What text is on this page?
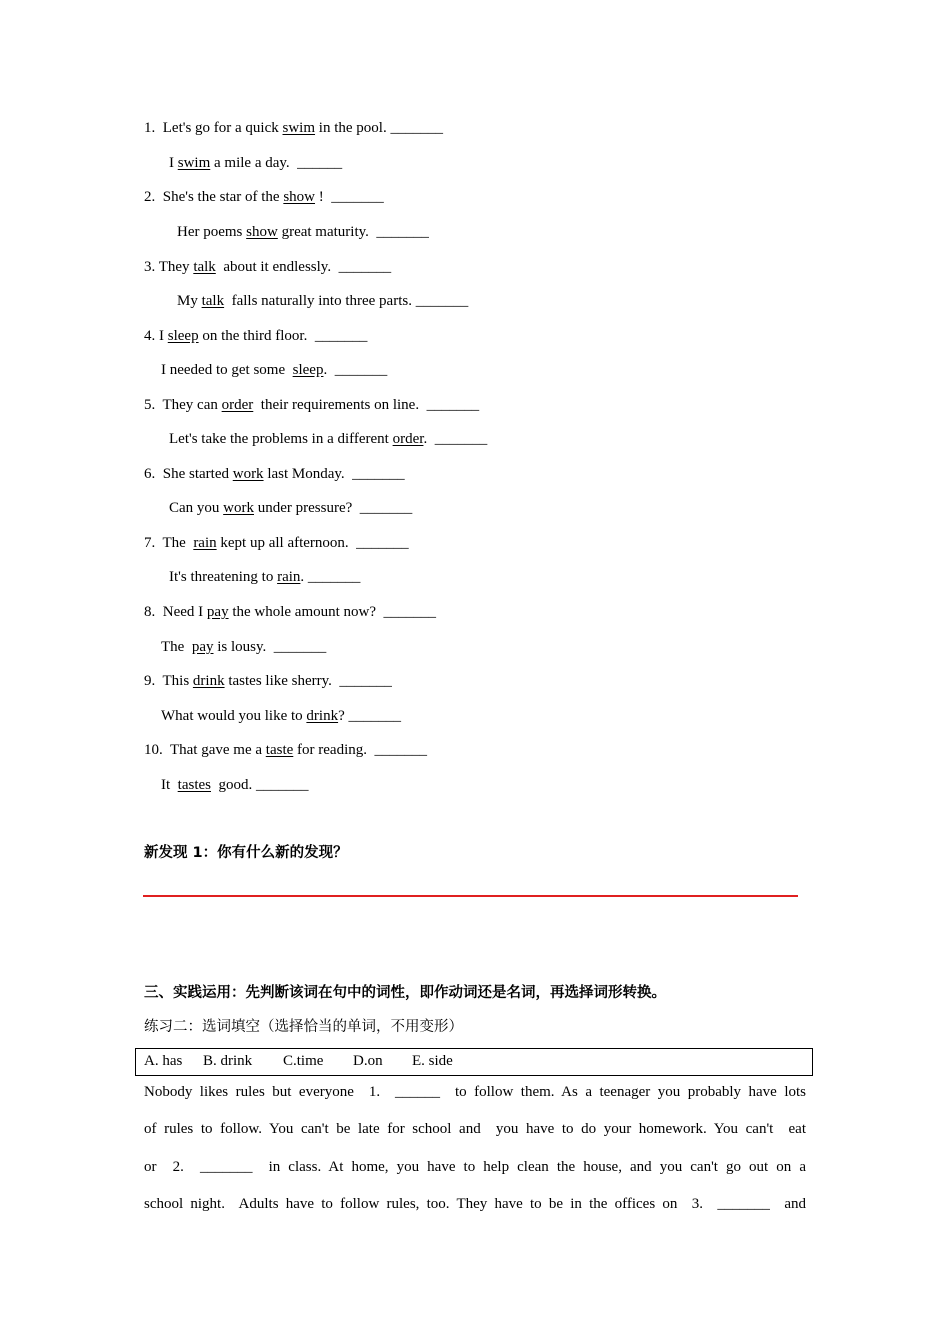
1. Let's go for a quick swim in the pool. _______
I swim a mile a day.  ______
2. She's the star of the show !  _______
Her poems show great maturity.  _______
3. They talk  about it endlessly.  _______
My talk  falls naturally into three parts. _______
4. I sleep on the third floor.  _______
I needed to get some  sleep.  _______
5. They can order  their requirements on line.  _______
Let's take the problems in a different order.  _______
6. She started work last Monday.  _______
Can you work under pressure?  _______
7. The  rain kept up all afternoon.  _______
It's threatening to rain. _______
8. Need I pay the whole amount now?  _______
The  pay is lousy.  _______
9. This drink tastes like sherry.  _______
What would you like to drink? _______
10. That gave me a taste for reading.  _______
It  tastes  good. _______
新发现 1：你有什么新的发现？
三、实践运用：先判断该词在句中的词性，即作动词还是名词，再选择词形转换。
练习二：选词填空（选择恰当的单词，不用变形）
A. has B. drink C.time D.on E. side
Nobody likes rules but everyone  1.  ______  to follow them. As a teenager you probably have lots
of rules to follow. You can't be late for school and  you have to do your homework. You can't  eat
or  2.  _______  in class. At home, you have to help clean the house, and you can't go out on a
school night.  Adults have to follow rules, too. They have to be in the offices on  3.  _______  and
